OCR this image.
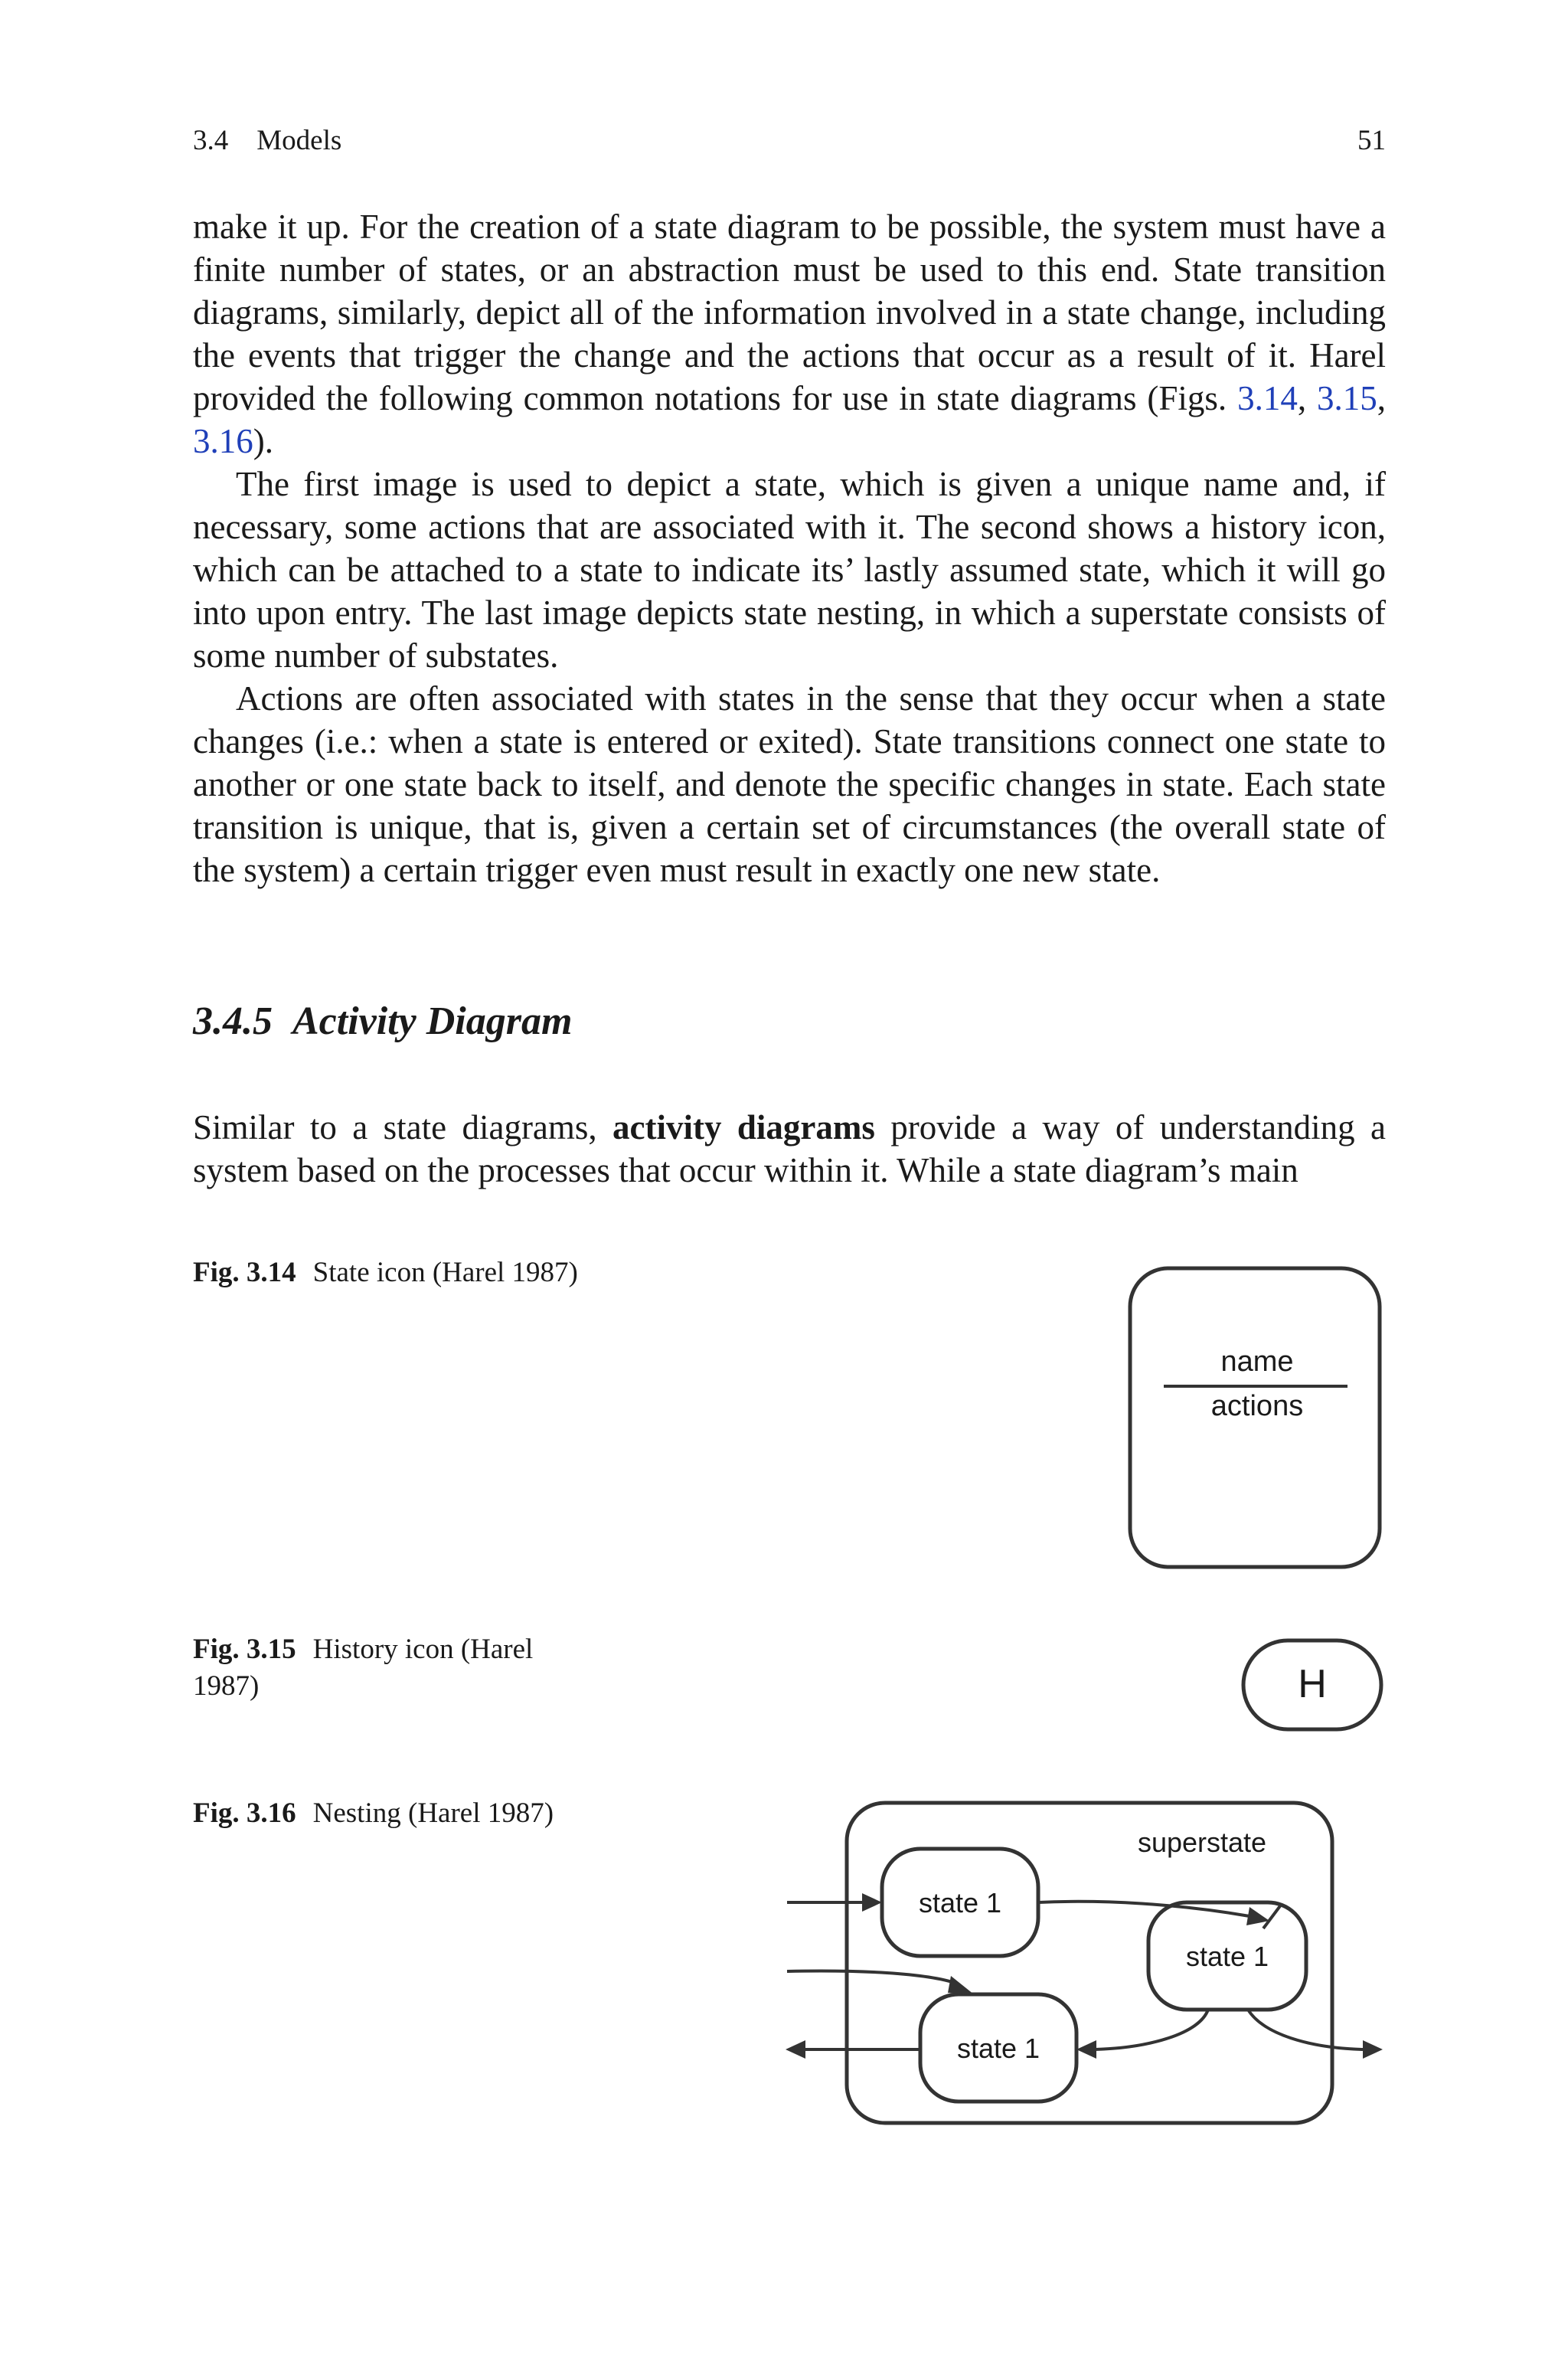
3.4    Models	51

make it up. For the creation of a state diagram to be possible, the system must have a finite number of states, or an abstraction must be used to this end. State transition diagrams, similarly, depict all of the information involved in a state change, including the events that trigger the change and the actions that occur as a result of it. Harel provided the following common notations for use in state diagrams (Figs. 3.14, 3.15, 3.16).

The first image is used to depict a state, which is given a unique name and, if necessary, some actions that are associated with it. The second shows a history icon, which can be attached to a state to indicate its’ lastly assumed state, which it will go into upon entry. The last image depicts state nesting, in which a superstate consists of some number of substates.

Actions are often associated with states in the sense that they occur when a state changes (i.e.: when a state is entered or exited). State transitions connect one state to another or one state back to itself, and denote the specific changes in state. Each state transition is unique, that is, given a certain set of circumstances (the overall state of the system) a certain trigger even must result in exactly one new state.

3.4.5 Activity Diagram

Similar to a state diagrams, activity diagrams provide a way of understanding a system based on the processes that occur within it. While a state diagram’s main

Fig. 3.14 State icon (Harel 1987)
name
actions
Fig. 3.15 History icon (Harel 1987)	H
Fig. 3.16 Nesting (Harel 1987)
superstate
state 1
state 1
state 1
